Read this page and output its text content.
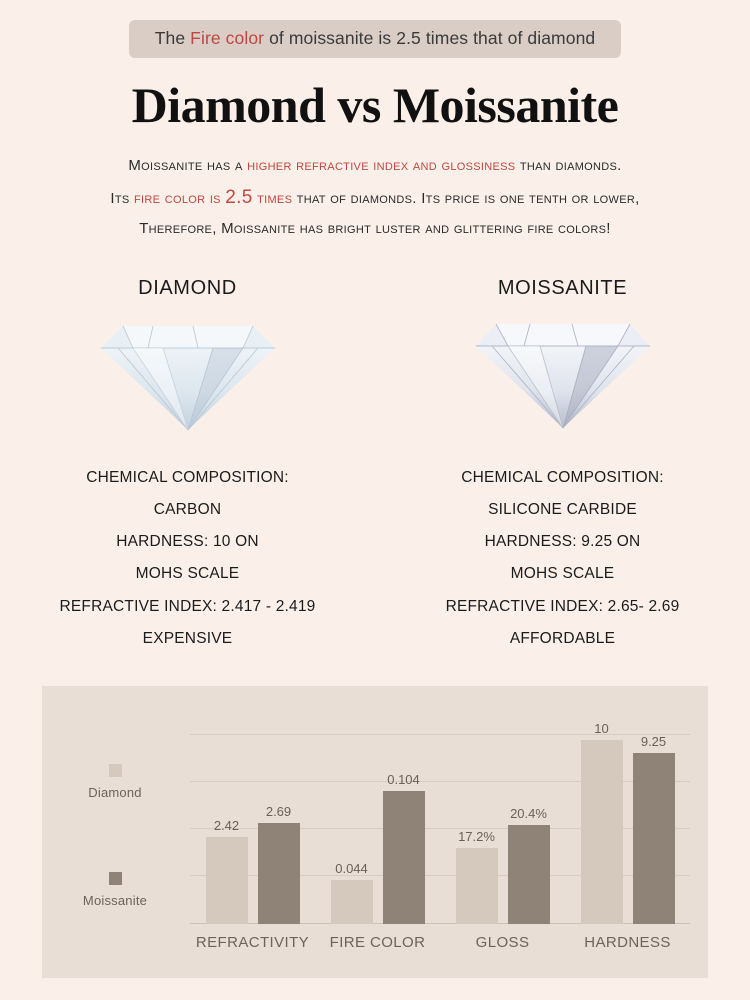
The Fire color of moissanite is 2.5 times that of diamond
Diamond vs Moissanite
Moissanite has a higher refractive index and glossiness than diamonds.
Its fire color is 2.5 times that of diamonds. Its price is one tenth or lower,
Therefore, Moissanite has bright luster and glittering fire colors!
DIAMOND
CHEMICAL COMPOSITION:
CARBON
HARDNESS: 10 ON
MOHS SCALE
REFRACTIVE INDEX: 2.417 - 2.419
EXPENSIVE
MOISSANITE
CHEMICAL COMPOSITION:
SILICONE CARBIDE
HARDNESS: 9.25 ON
MOHS SCALE
REFRACTIVE INDEX: 2.65- 2.69
AFFORDABLE
Diamond
Moissanite
2.42
2.69
0.044
0.104
17.2%
20.4%
10
9.25
REFRACTIVITY	FIRE COLOR	GLOSS	HARDNESS
